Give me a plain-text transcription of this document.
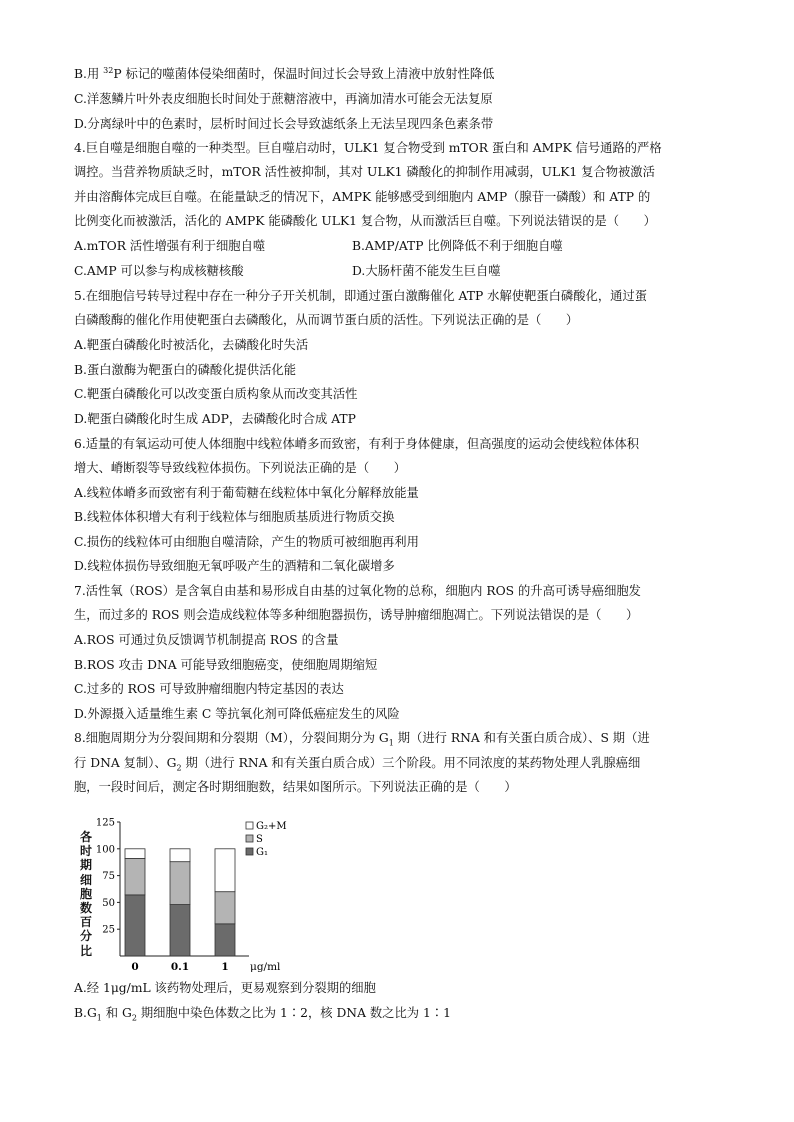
B.用 $^{32}$P 标记的噬菌体侵染细菌时，保温时间过长会导致上清液中放射性降低
C.洋葱鳞片叶外表皮细胞长时间处于蔗糖溶液中，再滴加清水可能会无法复原
D.分离绿叶中的色素时，层析时间过长会导致滤纸条上无法呈现四条色素条带
4.巨自噬是细胞自噬的一种类型。巨自噬启动时，ULK1 复合物受到 mTOR 蛋白和 AMPK 信号通路的严格
调控。当营养物质缺乏时，mTOR 活性被抑制，其对 ULK1 磷酸化的抑制作用减弱，ULK1 复合物被激活
并由溶酶体完成巨自噬。在能量缺乏的情况下，AMPK 能够感受到细胞内 AMP（腺苷一磷酸）和 ATP 的
比例变化而被激活，活化的 AMPK 能磷酸化 ULK1 复合物，从而激活巨自噬。下列说法错误的是（　　）
5.在细胞信号转导过程中存在一种分子开关机制，即通过蛋白激酶催化 ATP 水解使靶蛋白磷酸化，通过蛋
白磷酸酶的催化作用使靶蛋白去磷酸化，从而调节蛋白质的活性。下列说法正确的是（　　）
A.靶蛋白磷酸化时被活化，去磷酸化时失活
B.蛋白激酶为靶蛋白的磷酸化提供活化能
C.靶蛋白磷酸化可以改变蛋白质构象从而改变其活性
D.靶蛋白磷酸化时生成 ADP，去磷酸化时合成 ATP
6.适量的有氧运动可使人体细胞中线粒体嵴多而致密，有利于身体健康，但高强度的运动会使线粒体体积
增大、嵴断裂等导致线粒体损伤。下列说法正确的是（　　）
A.线粒体嵴多而致密有利于葡萄糖在线粒体中氧化分解释放能量
B.线粒体体积增大有利于线粒体与细胞质基质进行物质交换
C.损伤的线粒体可由细胞自噬清除，产生的物质可被细胞再利用
D.线粒体损伤导致细胞无氧呼吸产生的酒精和二氧化碳增多
7.活性氧（ROS）是含氧自由基和易形成自由基的过氧化物的总称，细胞内 ROS 的升高可诱导癌细胞发
生，而过多的 ROS 则会造成线粒体等多种细胞器损伤，诱导肿瘤细胞凋亡。下列说法错误的是（　　）
A.ROS 可通过负反馈调节机制提高 ROS 的含量
B.ROS 攻击 DNA 可能导致细胞癌变，使细胞周期缩短
C.过多的 ROS 可导致肿瘤细胞内特定基因的表达
D.外源摄入适量维生素 C 等抗氧化剂可降低癌症发生的风险
8.细胞周期分为分裂间期和分裂期（M），分裂间期分为 $G_1$ 期（进行 RNA 和有关蛋白质合成）、S 期（进
行 DNA 复制）、$G_2$ 期（进行 RNA 和有关蛋白质合成）三个阶段。用不同浓度的某药物处理人乳腺癌细
胞，一段时间后，测定各时期细胞数，结果如图所示。下列说法正确的是（　　）
A.经 1μg/mL 该药物处理后，更易观察到分裂期的细胞
$B.G_1$ 和 $G_2$ 期细胞中染色体数之比为 1∶2，核 DNA 数之比为 1∶1
A.mTOR 活性增强有利于细胞自噬	B.AMP/ATP 比例降低不利于细胞自噬
C.AMP 可以参与构成核糖核酸	D.大肠杆菌不能发生巨自噬
各时期细胞数百分比
125
100
75
50
25
0	0.1	1 μg/ml
G₂+M
S
G₁
